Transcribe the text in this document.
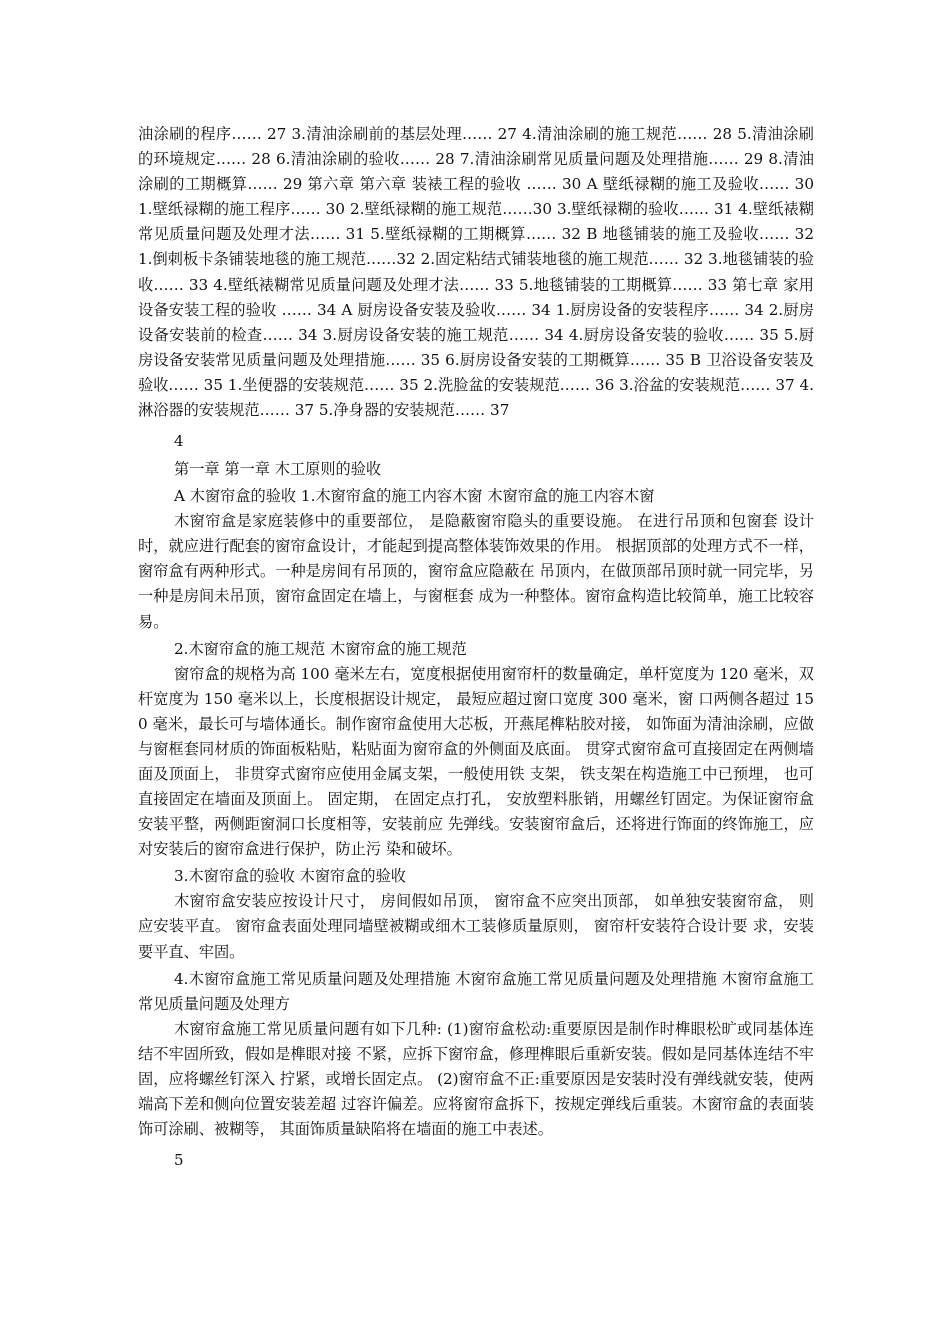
油涂刷的程序…… 27 3.清油涂刷前的基层处理…… 27 4.清油涂刷的施工规范…… 28 5.清油涂刷的环境规定…… 28 6.清油涂刷的验收…… 28 7.清油涂刷常见质量问题及处理措施…… 29 8.清油涂刷的工期概算…… 29 第六章 第六章 装裱工程的验收 …… 30 A 壁纸禄糊的施工及验收…… 30 1.壁纸禄糊的施工程序…… 30 2.壁纸禄糊的施工规范……30 3.壁纸禄糊的验收…… 31 4.壁纸裱糊常见质量问题及处理才法…… 31 5.壁纸禄糊的工期概算…… 32 B 地毯铺装的施工及验收…… 32 1.倒刺板卡条铺装地毯的施工规范……32 2.固定粘结式铺装地毯的施工规范…… 32 3.地毯铺装的验收…… 33 4.壁纸裱糊常见质量问题及处理才法…… 33 5.地毯铺装的工期概算…… 33 第七章 家用设备安装工程的验收 …… 34 A 厨房设备安装及验收…… 34 1.厨房设备的安装程序…… 34 2.厨房设备安装前的检查…… 34 3.厨房设备安装的施工规范…… 34 4.厨房设备安装的验收…… 35 5.厨房设备安装常见质量问题及处理措施…… 35 6.厨房设备安装的工期概算…… 35 B 卫浴设备安装及验收…… 35 1.坐便器的安装规范…… 35 2.洗脸盆的安装规范…… 36 3.浴盆的安装规范…… 37 4.淋浴器的安装规范…… 37 5.净身器的安装规范…… 37

4
第一章 第一章 木工原则的验收
A 木窗帘盒的验收 1.木窗帘盒的施工内容木窗 木窗帘盒的施工内容木窗

木窗帘盒是家庭装修中的重要部位， 是隐蔽窗帘隐头的重要设施。 在进行吊顶和包窗套 设计时，就应进行配套的窗帘盒设计，才能起到提高整体装饰效果的作用。 根据顶部的处理方式不一样，窗帘盒有两种形式。一种是房间有吊顶的，窗帘盒应隐蔽在 吊顶内，在做顶部吊顶时就一同完毕，另一种是房间未吊顶，窗帘盒固定在墙上，与窗框套 成为一种整体。窗帘盒构造比较简单，施工比较容易。

2.木窗帘盒的施工规范 木窗帘盒的施工规范

窗帘盒的规格为高 100 毫米左右，宽度根据使用窗帘杆的数量确定，单杆宽度为 120 毫米，双杆宽度为 150 毫米以上，长度根据设计规定， 最短应超过窗口宽度 300 毫米，窗 口两侧各超过 150 毫米，最长可与墙体通长。制作窗帘盒使用大芯板，开燕尾榫粘胶对接， 如饰面为清油涂刷，应做与窗框套同材质的饰面板粘贴，粘贴面为窗帘盒的外侧面及底面。 贯穿式窗帘盒可直接固定在两侧墙面及顶面上， 非贯穿式窗帘应使用金属支架，一般使用铁 支架， 铁支架在构造施工中已预埋， 也可直接固定在墙面及顶面上。 固定期， 在固定点打孔， 安放塑料胀销，用螺丝钉固定。为保证窗帘盒安装平整，两侧距窗洞口长度相等，安装前应 先弹线。安装窗帘盒后，还将进行饰面的终饰施工，应对安装后的窗帘盒进行保护，防止污 染和破坏。

3.木窗帘盒的验收 木窗帘盒的验收

木窗帘盒安装应按设计尺寸， 房间假如吊顶， 窗帘盒不应突出顶部， 如单独安装窗帘盒， 则应安装平直。 窗帘盒表面处理同墙壁被糊或细木工装修质量原则， 窗帘杆安装符合设计要 求，安装要平直、牢固。

4.木窗帘盒施工常见质量问题及处理措施 木窗帘盒施工常见质量问题及处理措施 木窗帘盒施工常见质量问题及处理方

木窗帘盒施工常见质量问题有如下几种: (1)窗帘盒松动:重要原因是制作时榫眼松旷或同基体连结不牢固所致，假如是榫眼对接 不紧，应拆下窗帘盒，修理榫眼后重新安装。假如是同基体连结不牢固，应将螺丝钉深入 拧紧，或增长固定点。 (2)窗帘盒不正:重要原因是安装时没有弹线就安装，使两端高下差和侧向位置安装差超 过容许偏差。应将窗帘盒拆下，按规定弹线后重装。木窗帘盒的表面装饰可涂刷、被糊等， 其面饰质量缺陷将在墙面的施工中表述。

5
